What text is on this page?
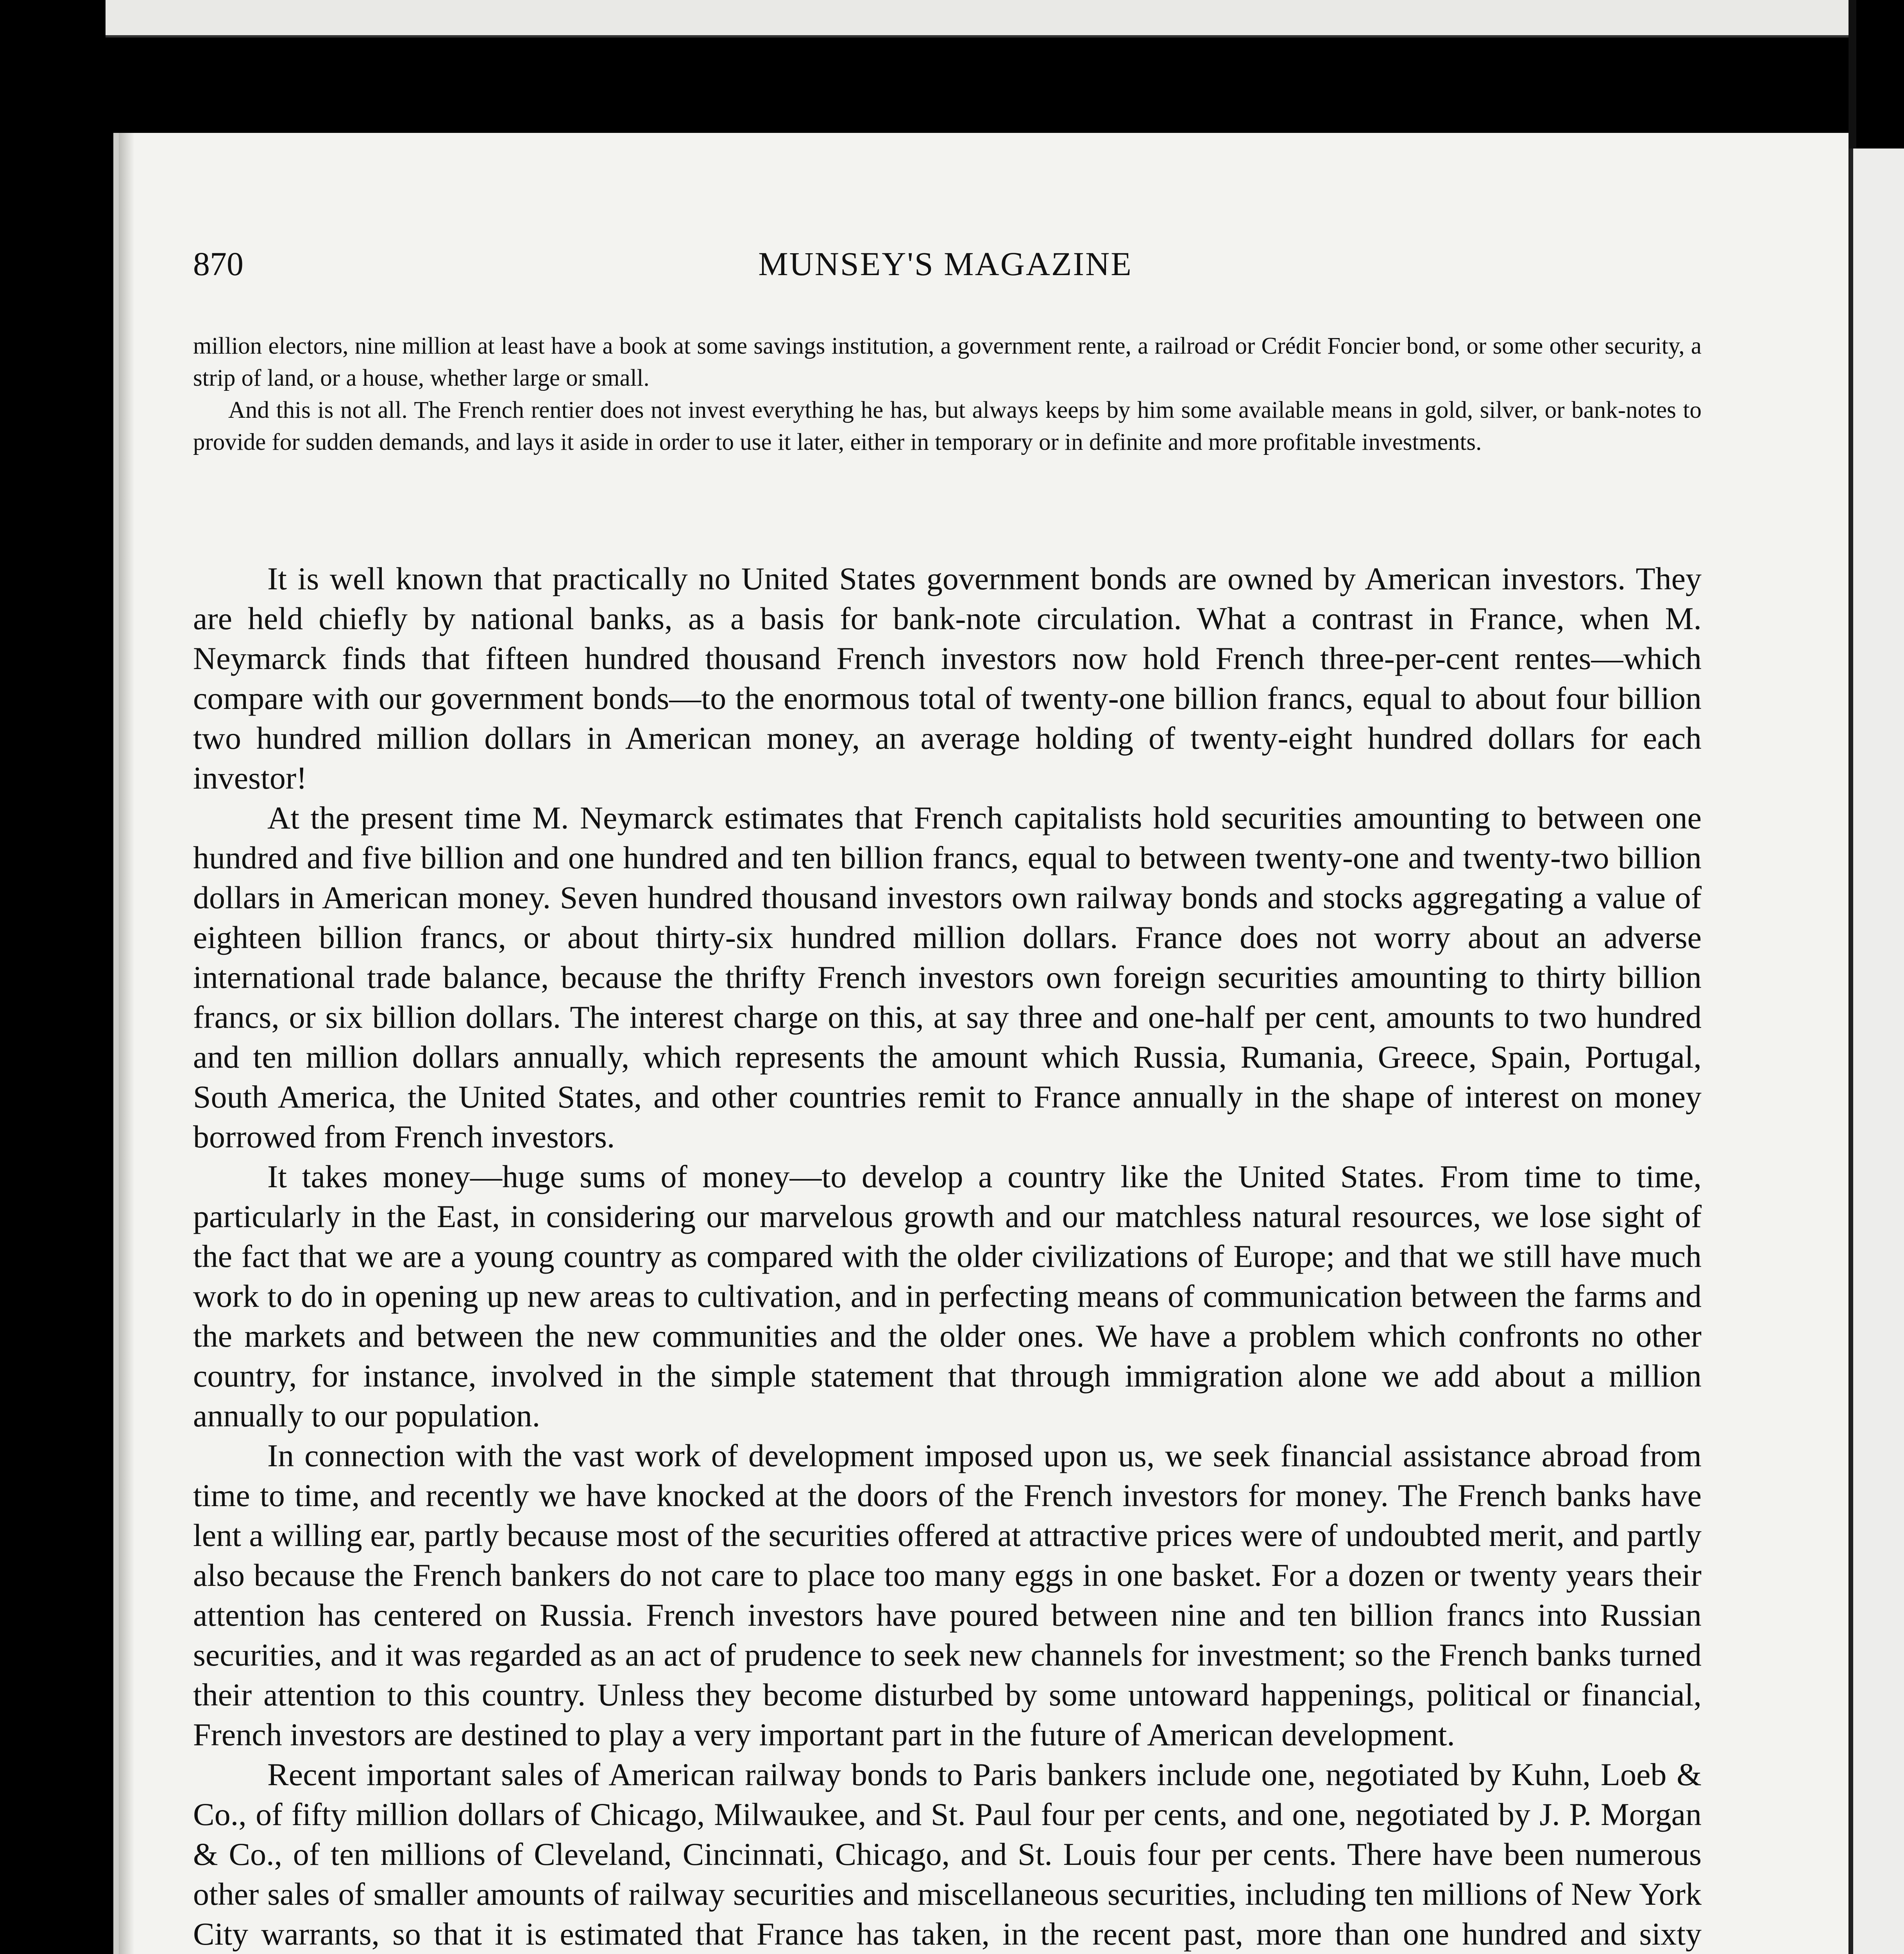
870	MUNSEY'S MAGAZINE

million electors, nine million at least have a book at some savings institution, a government rente, a railroad or Crédit Foncier bond, or some other security, a strip of land, or a house, whether large or small.

And this is not all. The French rentier does not invest everything he has, but always keeps by him some available means in gold, silver, or bank-notes to provide for sudden demands, and lays it aside in order to use it later, either in temporary or in definite and more profitable investments.

It is well known that practically no United States government bonds are owned by American investors. They are held chiefly by national banks, as a basis for bank-note circulation. What a contrast in France, when M. Neymarck finds that fifteen hundred thousand French investors now hold French three-per-cent rentes—which compare with our government bonds—to the enormous total of twenty-one billion francs, equal to about four billion two hundred million dollars in American money, an average holding of twenty-eight hundred dollars for each investor!

At the present time M. Neymarck estimates that French capitalists hold securities amounting to between one hundred and five billion and one hundred and ten billion francs, equal to between twenty-one and twenty-two billion dollars in American money. Seven hundred thousand investors own railway bonds and stocks aggregating a value of eighteen billion francs, or about thirty-six hundred million dollars. France does not worry about an adverse international trade balance, because the thrifty French investors own foreign securities amounting to thirty billion francs, or six billion dollars. The interest charge on this, at say three and one-half per cent, amounts to two hundred and ten million dollars annually, which represents the amount which Russia, Rumania, Greece, Spain, Portugal, South America, the United States, and other countries remit to France annually in the shape of interest on money borrowed from French investors.

It takes money—huge sums of money—to develop a country like the United States. From time to time, particularly in the East, in considering our marvelous growth and our matchless natural resources, we lose sight of the fact that we are a young country as compared with the older civilizations of Europe; and that we still have much work to do in opening up new areas to cultivation, and in perfecting means of communication between the farms and the markets and between the new communities and the older ones. We have a problem which confronts no other country, for instance, involved in the simple statement that through immigration alone we add about a million annually to our population.

In connection with the vast work of development imposed upon us, we seek financial assistance abroad from time to time, and recently we have knocked at the doors of the French investors for money. The French banks have lent a willing ear, partly because most of the securities offered at attractive prices were of undoubted merit, and partly also because the French bankers do not care to place too many eggs in one basket. For a dozen or twenty years their attention has centered on Russia. French investors have poured between nine and ten billion francs into Russian securities, and it was regarded as an act of prudence to seek new channels for investment; so the French banks turned their attention to this country. Unless they become disturbed by some untoward happenings, political or financial, French investors are destined to play a very important part in the future of American development.

Recent important sales of American railway bonds to Paris bankers include one, negotiated by Kuhn, Loeb & Co., of fifty million dollars of Chicago, Milwaukee, and St. Paul four per cents, and one, negotiated by J. P. Morgan & Co., of ten millions of Cleveland, Cincinnati, Chicago, and St. Louis four per cents. There have been numerous other sales of smaller amounts of railway securities and miscellaneous securities, including ten millions of New York City warrants, so that it is estimated that France has taken, in the recent past, more than one hundred and sixty
